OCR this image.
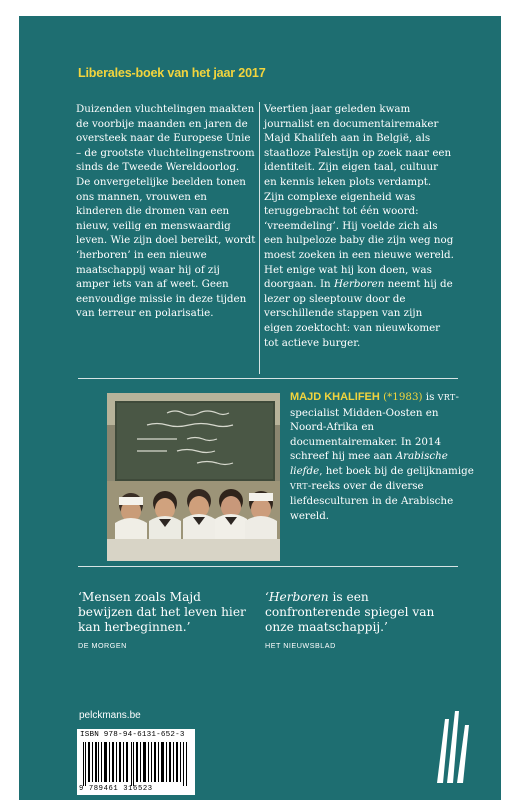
Liberales-boek van het jaar 2017
Duizenden vluchtelingen maakten de voorbije maanden en jaren de oversteek naar de Europese Unie – de grootste vluchtelingenstroom sinds de Tweede Wereldoorlog. De onvergetelijke beelden tonen ons mannen, vrouwen en kinderen die dromen van een nieuw, veilig en menswaardig leven. Wie zijn doel bereikt, wordt ‘herboren’ in een nieuwe maatschappij waar hij of zij amper iets van af weet. Geen eenvoudige missie in deze tijden van terreur en polarisatie.
Veertien jaar geleden kwam journalist en documentairemaker Majd Khalifeh aan in België, als staatloze Palestijn op zoek naar een identiteit. Zijn eigen taal, cultuur en kennis leken plots verdampt. Zijn complexe eigenheid was teruggebracht tot één woord: ‘vreemdeling’. Hij voelde zich als een hulpeloze baby die zijn weg nog moest zoeken in een nieuwe wereld. Het enige wat hij kon doen, was doorgaan. In Herboren neemt hij de lezer op sleeptouw door de verschillende stappen van zijn eigen zoektocht: van nieuwkomer tot actieve burger.
MAJD KHALIFEH (*1983) is VRT-specialist Midden-Oosten en Noord-Afrika en documentairemaker. In 2014 schreef hij mee aan Arabische liefde, het boek bij de gelijknamige VRT-reeks over de diverse liefdesculturen in de Arabische wereld.
‘Mensen zoals Majd bewijzen dat het leven hier kan herbeginnen.’
DE MORGEN
‘Herboren is een confronterende spiegel van onze maatschappij.’
HET NIEUWSBLAD
pelckmans.be
ISBN 978-94-6131-652-3
9 789461 316523
